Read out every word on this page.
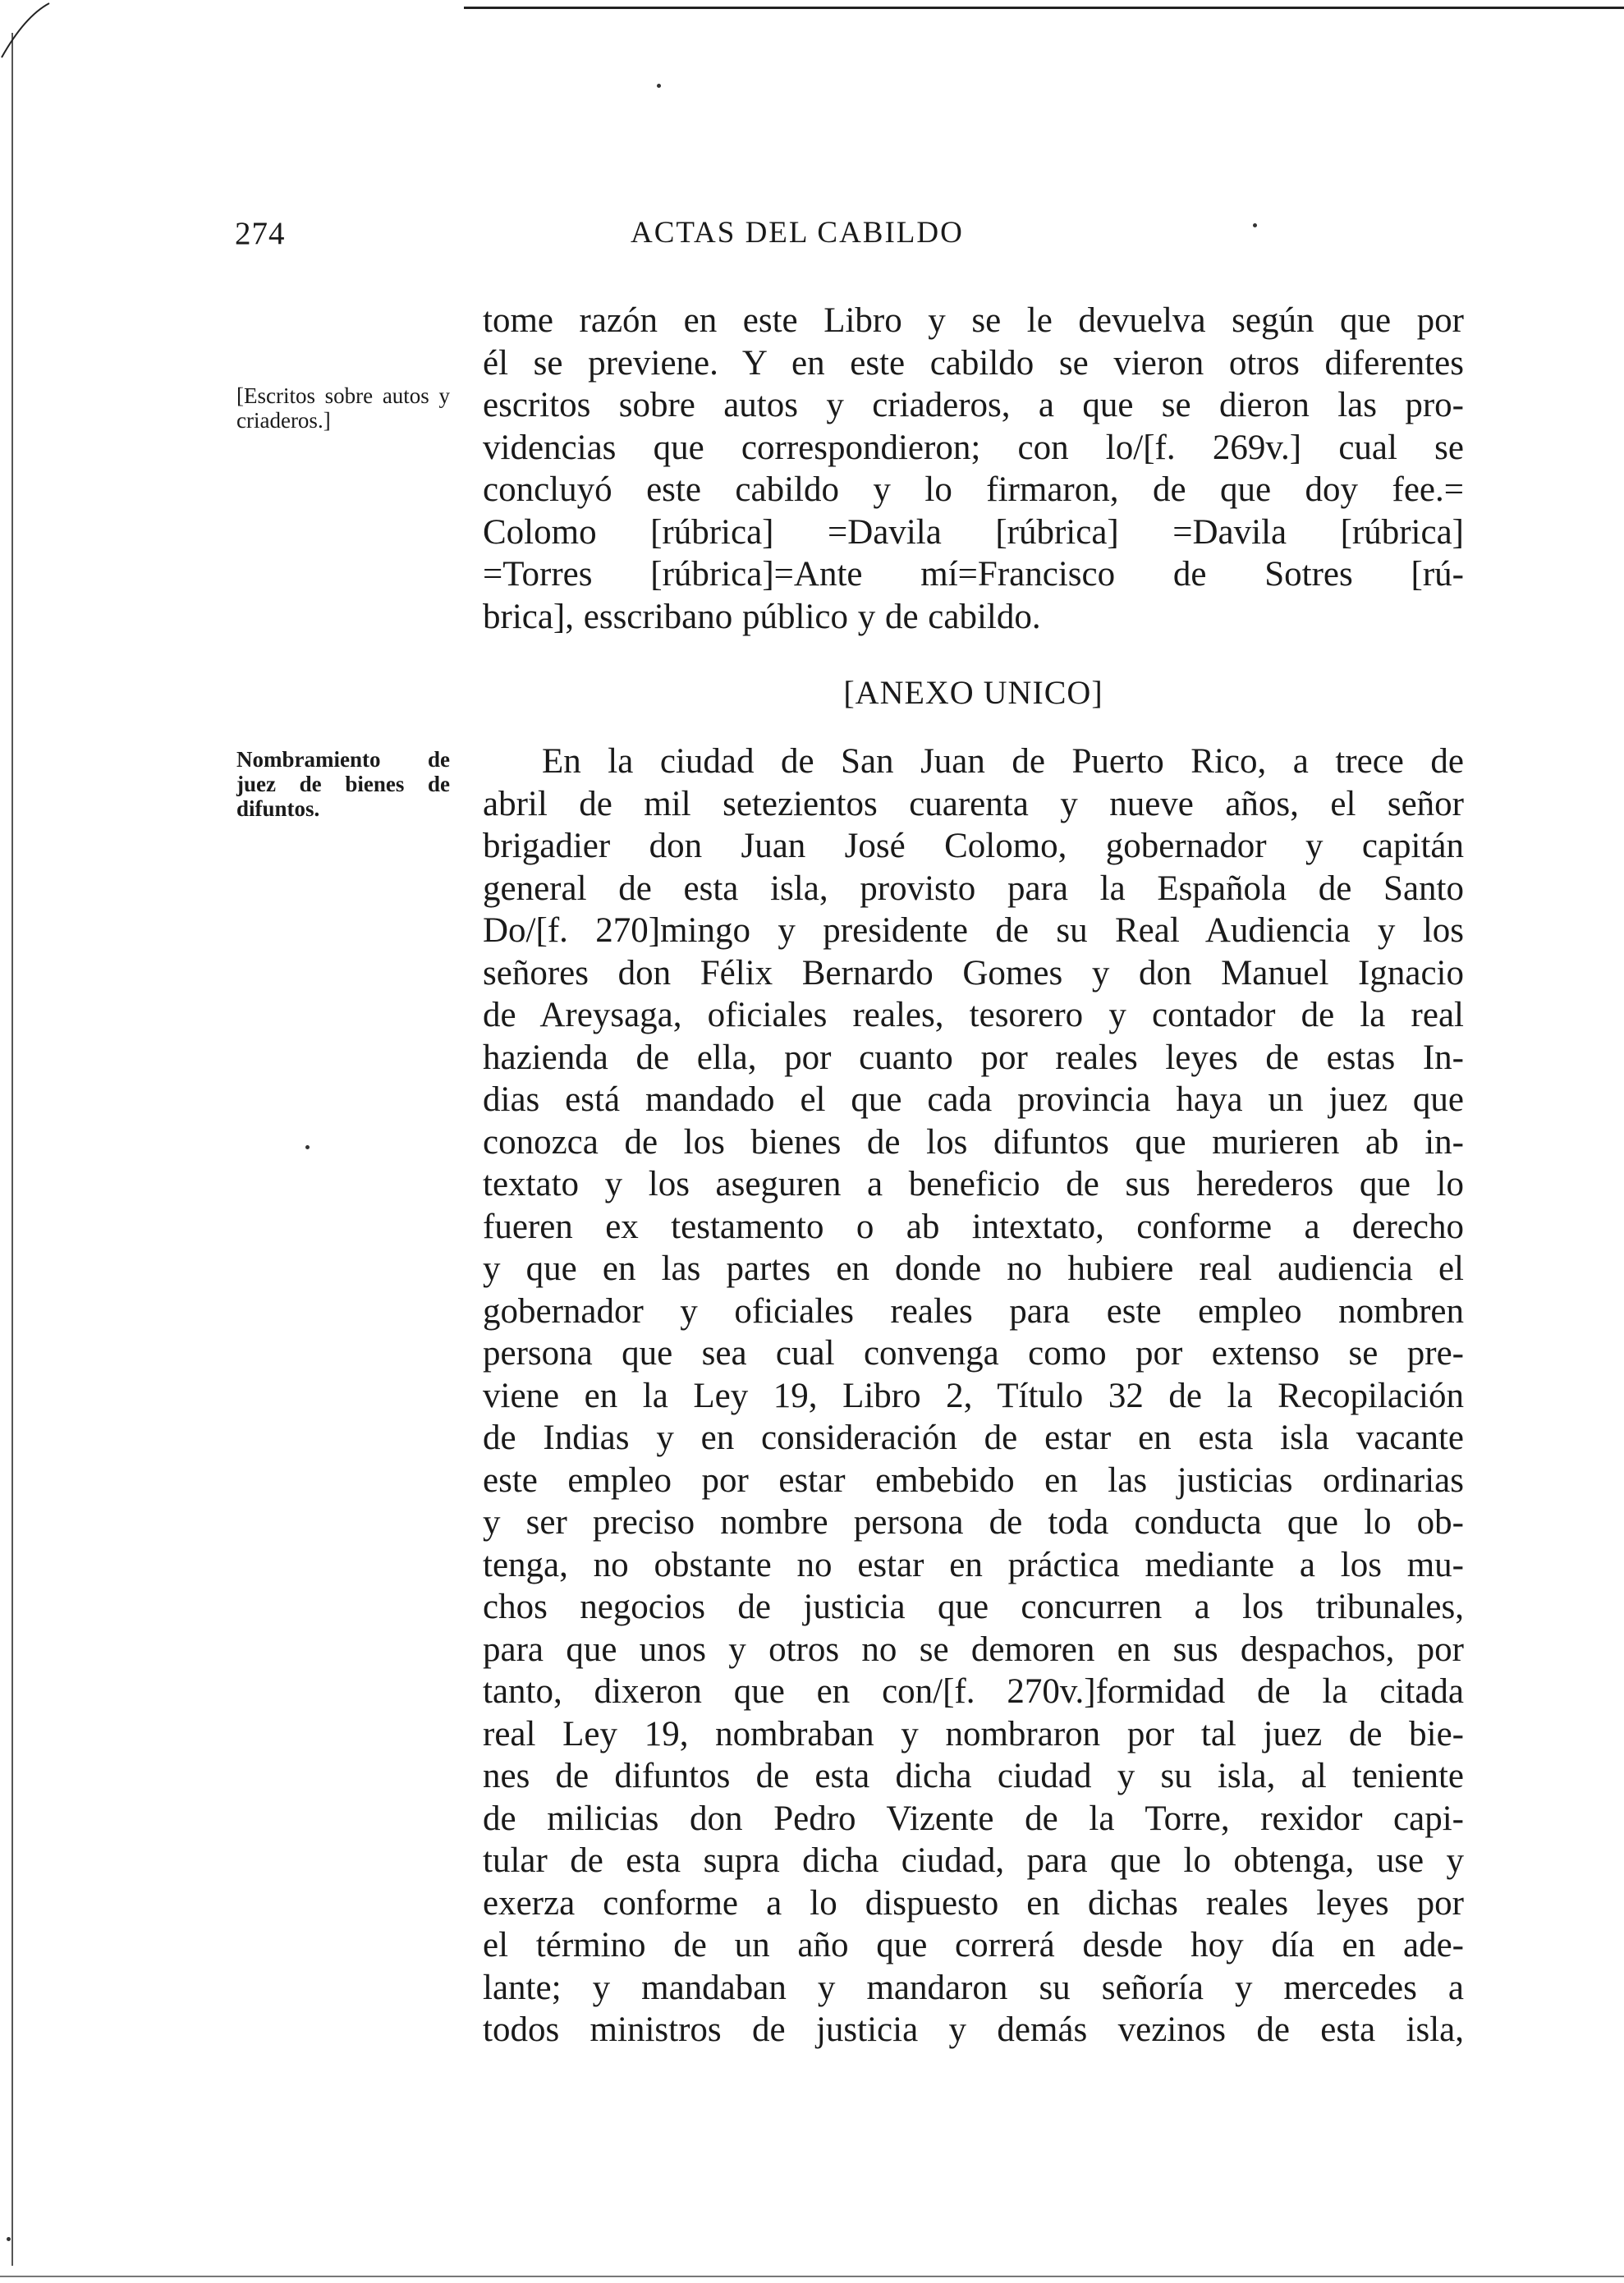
274	ACTAS DEL CABILDO
[Escritos sobre autos y criaderos.]
Nombramiento de juez de bienes de difuntos.
tome razón en este Libro y se le devuelva según que por
él se previene. Y en este cabildo se vieron otros diferentes
escritos sobre autos y criaderos, a que se dieron las pro-
videncias que correspondieron; con lo/[f. 269v.] cual se
concluyó este cabildo y lo firmaron, de que doy fee.=
Colomo [rúbrica] =Davila [rúbrica] =Davila [rúbrica]
=Torres [rúbrica]=Ante mí=Francisco de Sotres [rú-
brica], esscribano público y de cabildo.
[ANEXO UNICO]
En la ciudad de San Juan de Puerto Rico, a trece de
abril de mil setezientos cuarenta y nueve años, el señor
brigadier don Juan José Colomo, gobernador y capitán
general de esta isla, provisto para la Española de Santo
Do/[f. 270]mingo y presidente de su Real Audiencia y los
señores don Félix Bernardo Gomes y don Manuel Ignacio
de Areysaga, oficiales reales, tesorero y contador de la real
hazienda de ella, por cuanto por reales leyes de estas In-
dias está mandado el que cada provincia haya un juez que
conozca de los bienes de los difuntos que murieren ab in-
textato y los aseguren a beneficio de sus herederos que lo
fueren ex testamento o ab intextato, conforme a derecho
y que en las partes en donde no hubiere real audiencia el
gobernador y oficiales reales para este empleo nombren
persona que sea cual convenga como por extenso se pre-
viene en la Ley 19, Libro 2, Título 32 de la Recopilación
de Indias y en consideración de estar en esta isla vacante
este empleo por estar embebido en las justicias ordinarias
y ser preciso nombre persona de toda conducta que lo ob-
tenga, no obstante no estar en práctica mediante a los mu-
chos negocios de justicia que concurren a los tribunales,
para que unos y otros no se demoren en sus despachos, por
tanto, dixeron que en con/[f. 270v.]formidad de la citada
real Ley 19, nombraban y nombraron por tal juez de bie-
nes de difuntos de esta dicha ciudad y su isla, al teniente
de milicias don Pedro Vizente de la Torre, rexidor capi-
tular de esta supra dicha ciudad, para que lo obtenga, use y
exerza conforme a lo dispuesto en dichas reales leyes por
el término de un año que correrá desde hoy día en ade-
lante; y mandaban y mandaron su señoría y mercedes a
todos ministros de justicia y demás vezinos de esta isla,
